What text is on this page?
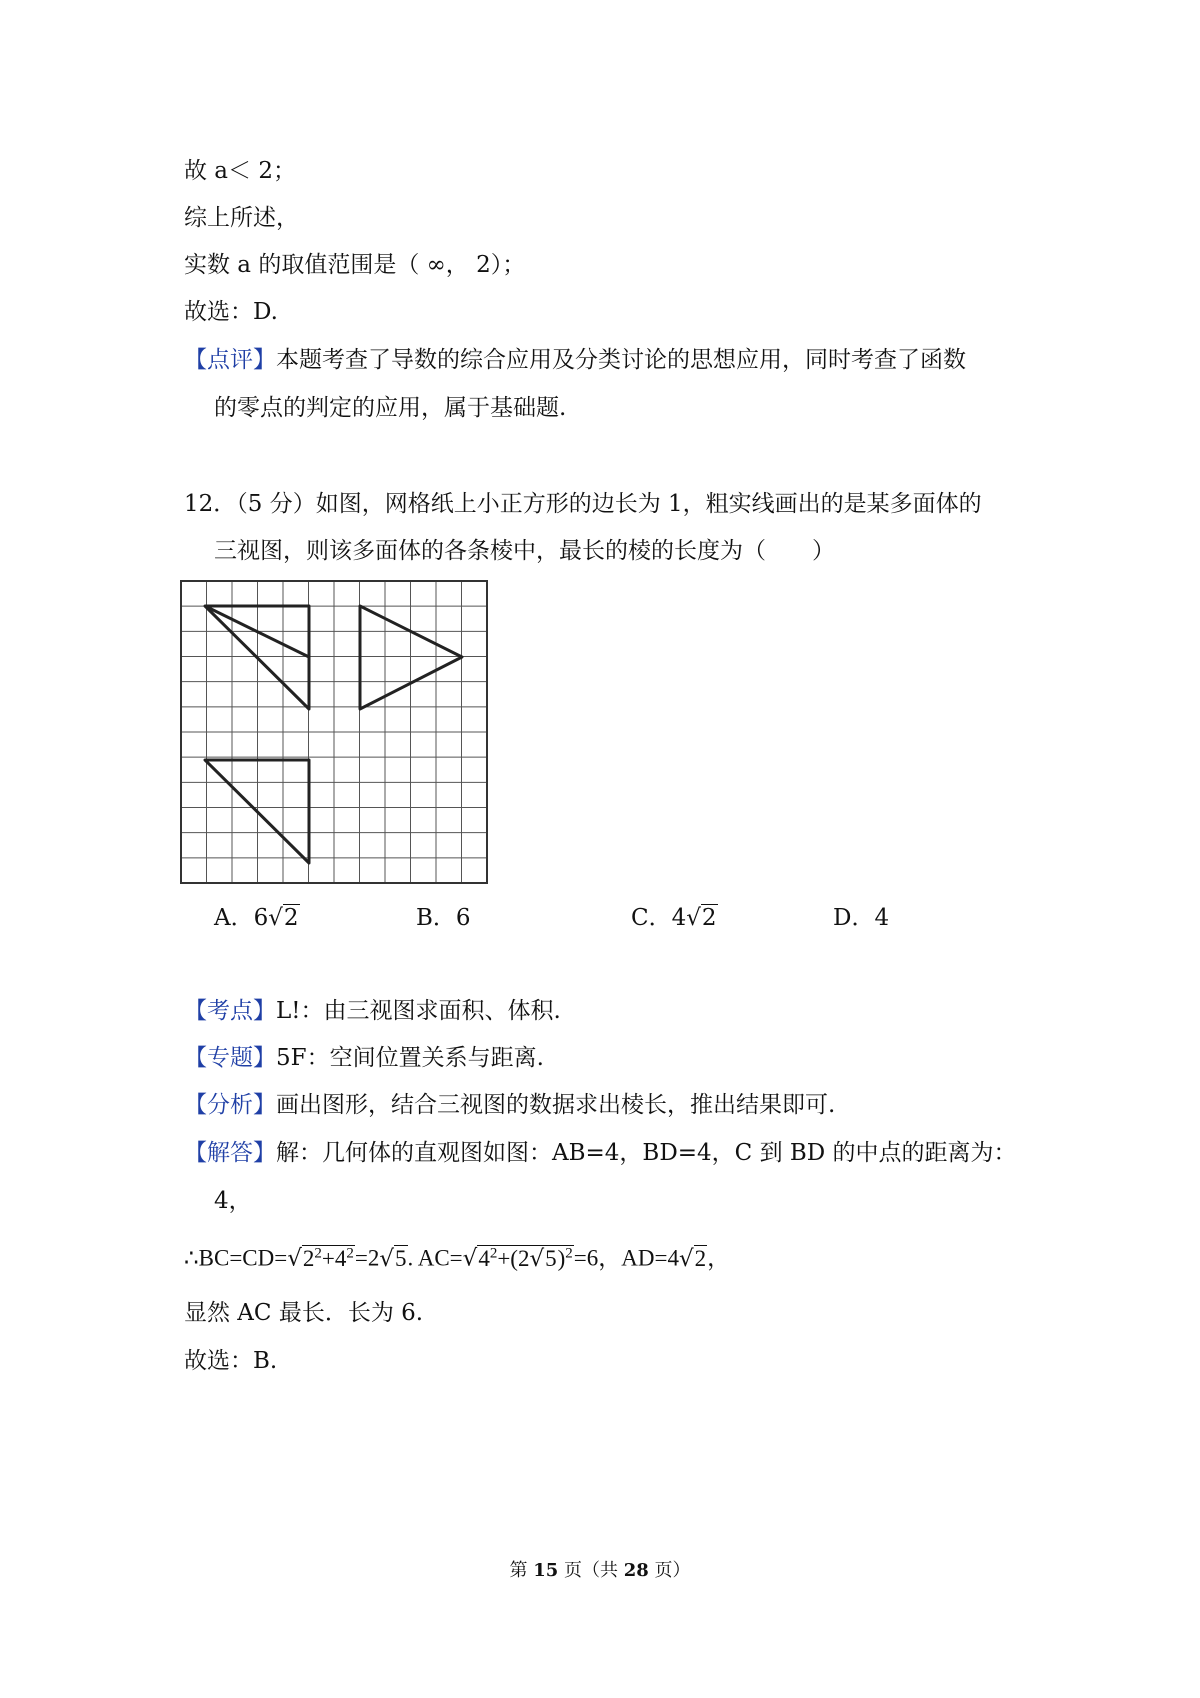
故 a＜ 2；
综上所述，
实数 a 的取值范围是（ ∞， 2）；
故选：D.
【点评】本题考查了导数的综合应用及分类讨论的思想应用，同时考查了函数
的零点的判定的应用，属于基础题.
12．（5 分）如图，网格纸上小正方形的边长为 1，粗实线画出的是某多面体的
三视图，则该多面体的各条棱中，最长的棱的长度为（　　）
A．6√2	B．6	C．4√2	D．4
【考点】L!：由三视图求面积、体积.
【专题】5F：空间位置关系与距离.
【分析】画出图形，结合三视图的数据求出棱长，推出结果即可.
【解答】解：几何体的直观图如图：AB=4，BD=4，C 到 BD 的中点的距离为：
4，
$\therefore BC=CD=√2^2+4^2=2√5$. $AC=√4^2+(2√5)^2=6$，AD=4√2，
显然 AC 最长．长为 6.
故选：B.
第 15 页（共 28 页）
